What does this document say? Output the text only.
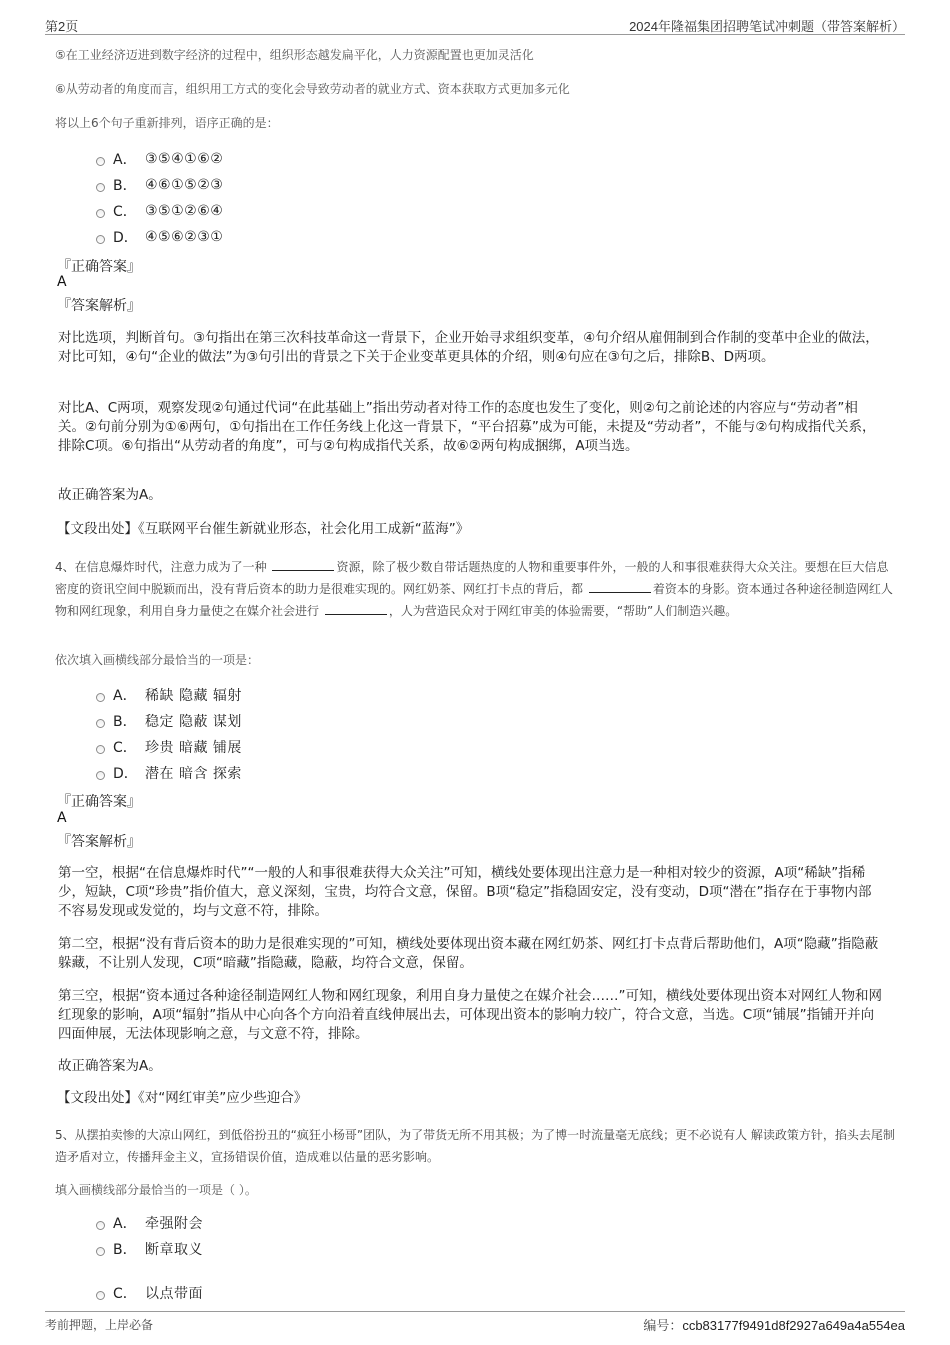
第2页	2024年隆福集团招聘笔试冲刺题（带答案解析）
⑤在工业经济迈进到数字经济的过程中，组织形态越发扁平化，人力资源配置也更加灵活化
⑥从劳动者的角度而言，组织用工方式的变化会导致劳动者的就业方式、资本获取方式更加多元化
将以上6个句子重新排列，语序正确的是：
A． ③⑤④①⑥②
B． ④⑥①⑤②③
C． ③⑤①②⑥④
D． ④⑤⑥②③①
『正确答案』
A
『答案解析』
对比选项，判断首句。③句指出在第三次科技革命这一背景下，企业开始寻求组织变革，④句介绍从雇佣制到合作制的变革中企业的做法，对比可知，④句“企业的做法”为③句引出的背景之下关于企业变革更具体的介绍，则④句应在③句之后，排除B、D两项。
对比A、C两项，观察发现②句通过代词“在此基础上”指出劳动者对待工作的态度也发生了变化，则②句之前论述的内容应与“劳动者”相关。②句前分别为①⑥两句，①句指出在工作任务线上化这一背景下，“平台招募”成为可能，未提及“劳动者”，不能与②句构成指代关系，排除C项。⑥句指出“从劳动者的角度”，可与②句构成指代关系，故⑥②两句构成捆绑，A项当选。
故正确答案为A。
【文段出处】《互联网平台催生新就业形态，社会化用工成新“蓝海”》
4、在信息爆炸时代，注意力成为了一种	资源，除了极少数自带话题热度的人物和重要事件外，一般的人和事很难获得大众关注。要想在巨大信息密度的资讯空间中脱颖而出，没有背后资本的助力是很难实现的。网红奶茶、网红打卡点的背后，都	着资本的身影。资本通过各种途径制造网红人物和网红现象，利用自身力量使之在媒介社会进行	，人为营造民众对于网红审美的体验需要，“帮助”人们制造兴趣。
依次填入画横线部分最恰当的一项是：
A． 稀缺 隐藏 辐射
B． 稳定 隐蔽 谋划
C． 珍贵 暗藏 铺展
D． 潜在 暗含 探索
『正确答案』
A
『答案解析』
第一空，根据“在信息爆炸时代”“一般的人和事很难获得大众关注”可知，横线处要体现出注意力是一种相对较少的资源，A项“稀缺”指稀少，短缺，C项“珍贵”指价值大，意义深刻，宝贵，均符合文意，保留。B项“稳定”指稳固安定，没有变动，D项“潜在”指存在于事物内部不容易发现或发觉的，均与文意不符，排除。
第二空，根据“没有背后资本的助力是很难实现的”可知，横线处要体现出资本藏在网红奶茶、网红打卡点背后帮助他们，A项“隐藏”指隐蔽躲藏，不让别人发现，C项“暗藏”指隐藏，隐蔽，均符合文意，保留。
第三空，根据“资本通过各种途径制造网红人物和网红现象，利用自身力量使之在媒介社会……”可知，横线处要体现出资本对网红人物和网红现象的影响，A项“辐射”指从中心向各个方向沿着直线伸展出去，可体现出资本的影响力较广，符合文意，当选。C项“铺展”指铺开并向四面伸展，无法体现影响之意，与文意不符，排除。
故正确答案为A。
【文段出处】《对“网红审美”应少些迎合》
5、从摆拍卖惨的大凉山网红，到低俗扮丑的“疯狂小杨哥”团队，为了带货无所不用其极；为了博一时流量毫无底线；更不必说有人 解读政策方针，掐头去尾制造矛盾对立，传播拜金主义，宣扬错误价值，造成难以估量的恶劣影响。
填入画横线部分最恰当的一项是（ ）。
A． 牵强附会
B． 断章取义
C． 以点带面
考前押题，上岸必备	编号：ccb83177f9491d8f2927a649a4a554ea
